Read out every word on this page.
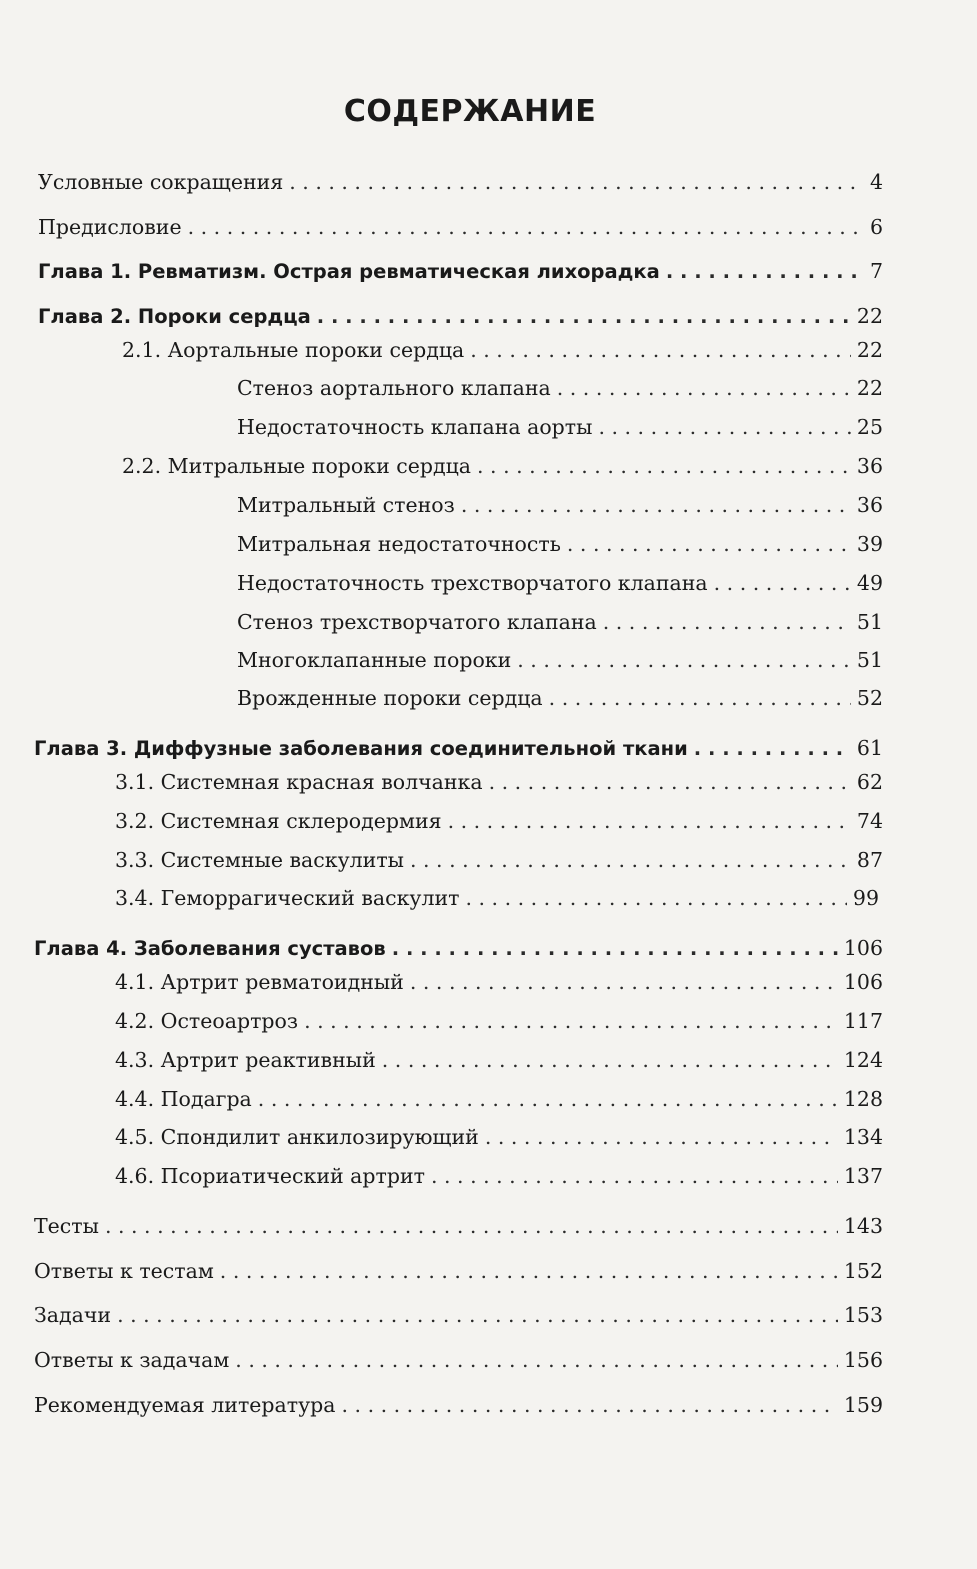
СОДЕРЖАНИЕ
Условные сокращения . . .	4
Предисловие . . .	6
Глава 1. Ревматизм. Острая ревматическая лихорадка . . .	7
Глава 2. Пороки сердца . . .	22
2.1. Аортальные пороки сердца . . .	22
Стеноз аортального клапана . . .	22
Недостаточность клапана аорты . . .	25
2.2. Митральные пороки сердца . . .	36
Митральный стеноз . . .	36
Митральная недостаточность . . .	39
Недостаточность трехстворчатого клапана . . .	49
Стеноз трехстворчатого клапана . . .	51
Многоклапанные пороки . . .	51
Врожденные пороки сердца . . .	52
Глава 3. Диффузные заболевания соединительной ткани . . .	61
3.1. Системная красная волчанка . . .	62
3.2. Системная склеродермия . . .	74
3.3. Системные васкулиты . . .	87
3.4. Геморрагический васкулит . . .	99
Глава 4. Заболевания суставов . . .	106
4.1. Артрит ревматоидный . . .	106
4.2. Остеоартроз . . .	117
4.3. Артрит реактивный . . .	124
4.4. Подагра . . .	128
4.5. Спондилит анкилозирующий . . .	134
4.6. Псориатический артрит . . .	137
Тесты . . .	143
Ответы к тестам . . .	152
Задачи . . .	153
Ответы к задачам . . .	156
Рекомендуемая литература . . .	159
